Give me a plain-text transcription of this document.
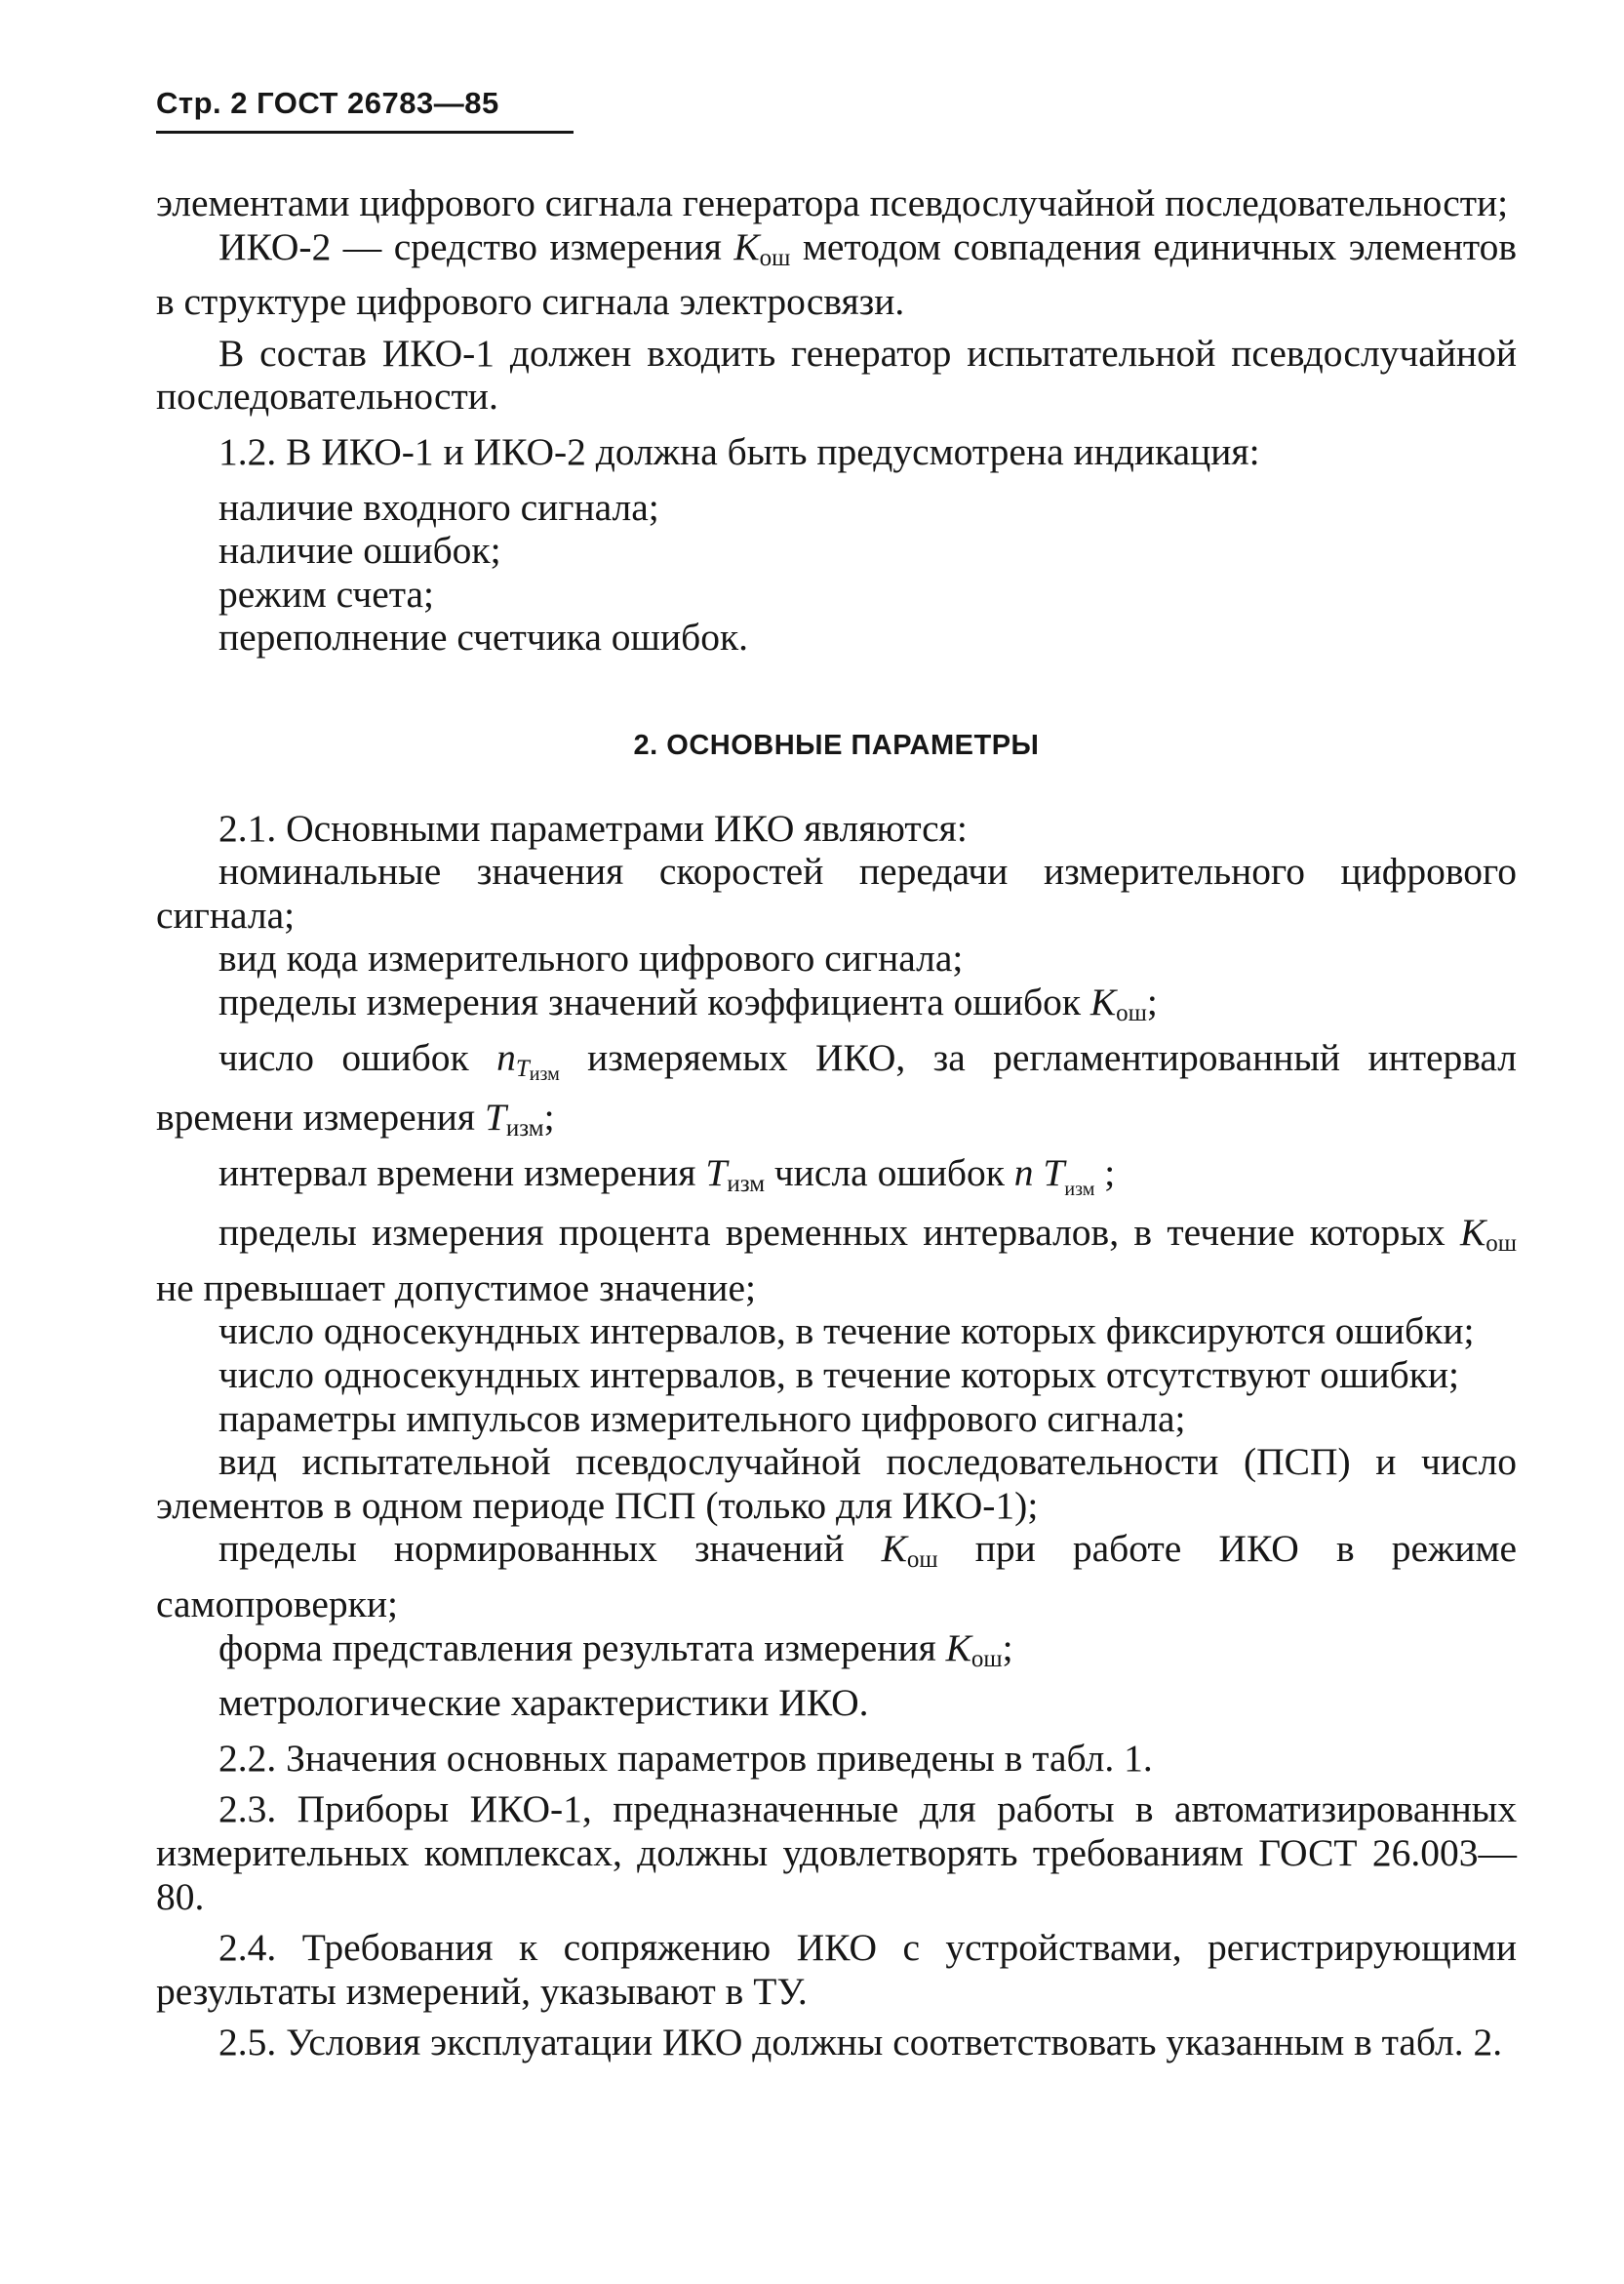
Стр. 2 ГОСТ 26783—85

элементами цифрового сигнала генератора псевдослучайной последовательности;

ИКО-2 — средство измерения $К_{ош}$ методом совпадения единичных элементов в структуре цифрового сигнала электросвязи.

В состав ИКО-1 должен входить генератор испытательной псевдослучайной последовательности.

1.2. В ИКО-1 и ИКО-2 должна быть предусмотрена индикация:

наличие входного сигнала;

наличие ошибок;

режим счета;

переполнение счетчика ошибок.

2. ОСНОВНЫЕ ПАРАМЕТРЫ

2.1. Основными параметрами ИКО являются:

номинальные значения скоростей передачи измерительного цифрового сигнала;

вид кода измерительного цифрового сигнала;

пределы измерения значений коэффициента ошибок $К_{ош}$;

число ошибок $n_{Tизм}$ измеряемых ИКО, за регламентированный интервал времени измерения $T_{изм}$;

интервал времени измерения $T_{изм}$ числа ошибок n $T_{изм}$ ;

пределы измерения процента временных интервалов, в течение которых $К_{ош}$ не превышает допустимое значение;

число односекундных интервалов, в течение которых фиксируются ошибки;

число односекундных интервалов, в течение которых отсутствуют ошибки;

параметры импульсов измерительного цифрового сигнала;

вид испытательной псевдослучайной последовательности (ПСП) и число элементов в одном периоде ПСП (только для ИКО-1);

пределы нормированных значений $К_{ош}$ при работе ИКО в режиме самопроверки;

форма представления результата измерения $К_{ош}$;

метрологические характеристики ИКО.

2.2. Значения основных параметров приведены в табл. 1.

2.3. Приборы ИКО-1, предназначенные для работы в автоматизированных измерительных комплексах, должны удовлетворять требованиям ГОСТ 26.003—80.

2.4. Требования к сопряжению ИКО с устройствами, регистрирующими результаты измерений, указывают в ТУ.

2.5. Условия эксплуатации ИКО должны соответствовать указанным в табл. 2.
